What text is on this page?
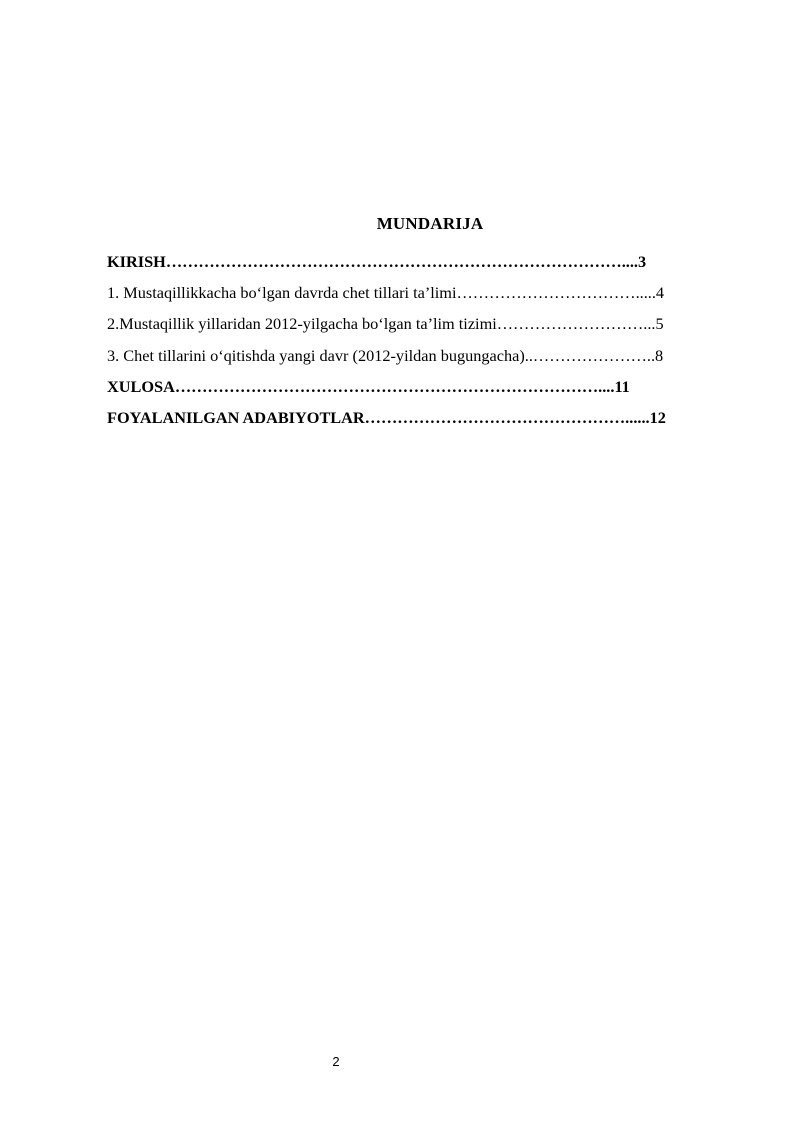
MUNDARIJA
KIRISH…………………………………………………………………………....3
1. Mustaqillikkacha bo‘lgan davrda chet tillari ta’limi…………………………….....4
2.Mustaqillik yillaridan 2012-yilgacha bo‘lgan ta’lim tizimi………………………...5
3. Chet tillarini o‘qitishda yangi davr (2012-yildan bugungacha)..…………………..8
XULOSA……………………………………………………………………....11
FOYALANILGAN ADABIYOTLAR…………………………………………......12
2
